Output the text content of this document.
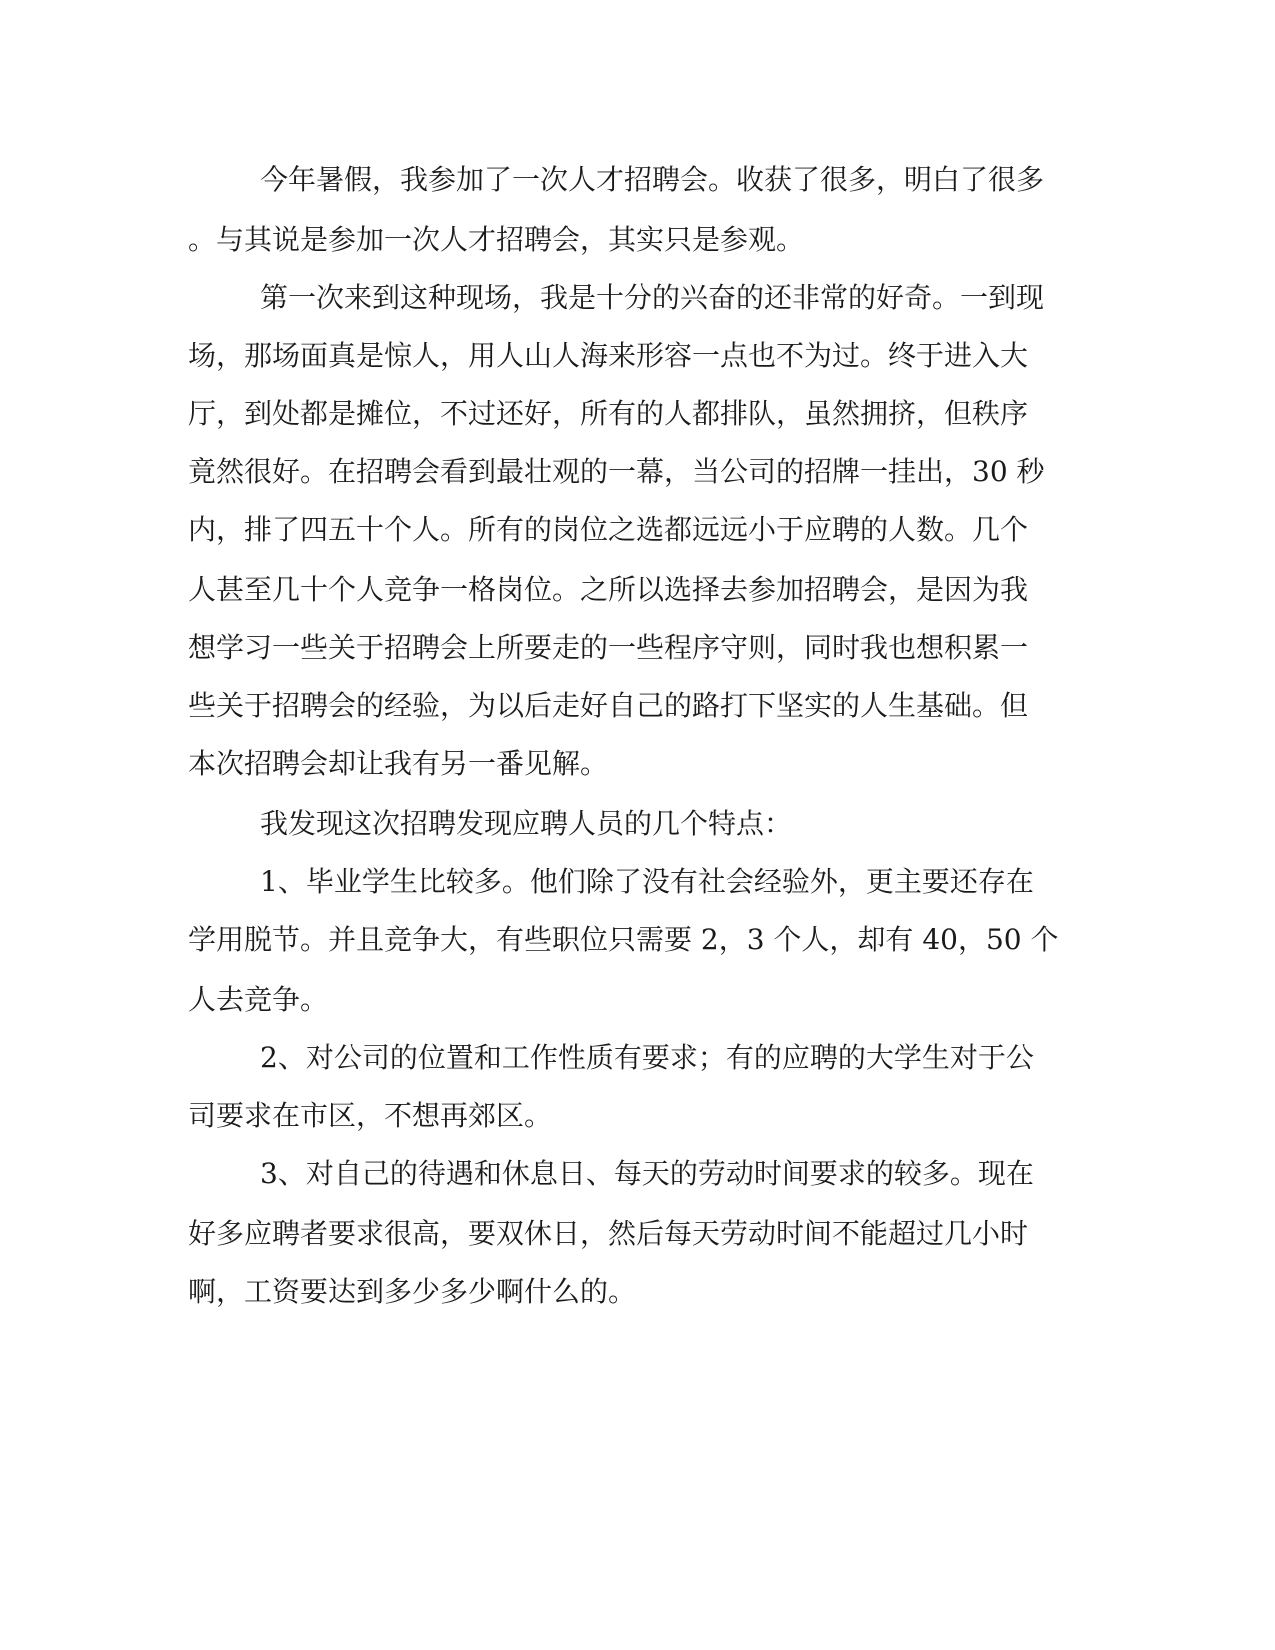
今年暑假，我参加了一次人才招聘会。收获了很多，明白了很多

。与其说是参加一次人才招聘会，其实只是参观。

第一次来到这种现场，我是十分的兴奋的还非常的好奇。一到现

场，那场面真是惊人，用人山人海来形容一点也不为过。终于进入大

厅，到处都是摊位，不过还好，所有的人都排队，虽然拥挤，但秩序

竟然很好。在招聘会看到最壮观的一幕，当公司的招牌一挂出，30 秒

内，排了四五十个人。所有的岗位之选都远远小于应聘的人数。几个

人甚至几十个人竞争一格岗位。之所以选择去参加招聘会，是因为我

想学习一些关于招聘会上所要走的一些程序守则，同时我也想积累一

些关于招聘会的经验，为以后走好自己的路打下坚实的人生基础。但

本次招聘会却让我有另一番见解。

我发现这次招聘发现应聘人员的几个特点：

1、毕业学生比较多。他们除了没有社会经验外，更主要还存在

学用脱节。并且竞争大，有些职位只需要 2，3 个人，却有 40，50 个

人去竞争。

2、对公司的位置和工作性质有要求；有的应聘的大学生对于公

司要求在市区，不想再郊区。

3、对自己的待遇和休息日、每天的劳动时间要求的较多。现在

好多应聘者要求很高，要双休日，然后每天劳动时间不能超过几小时

啊，工资要达到多少多少啊什么的。
